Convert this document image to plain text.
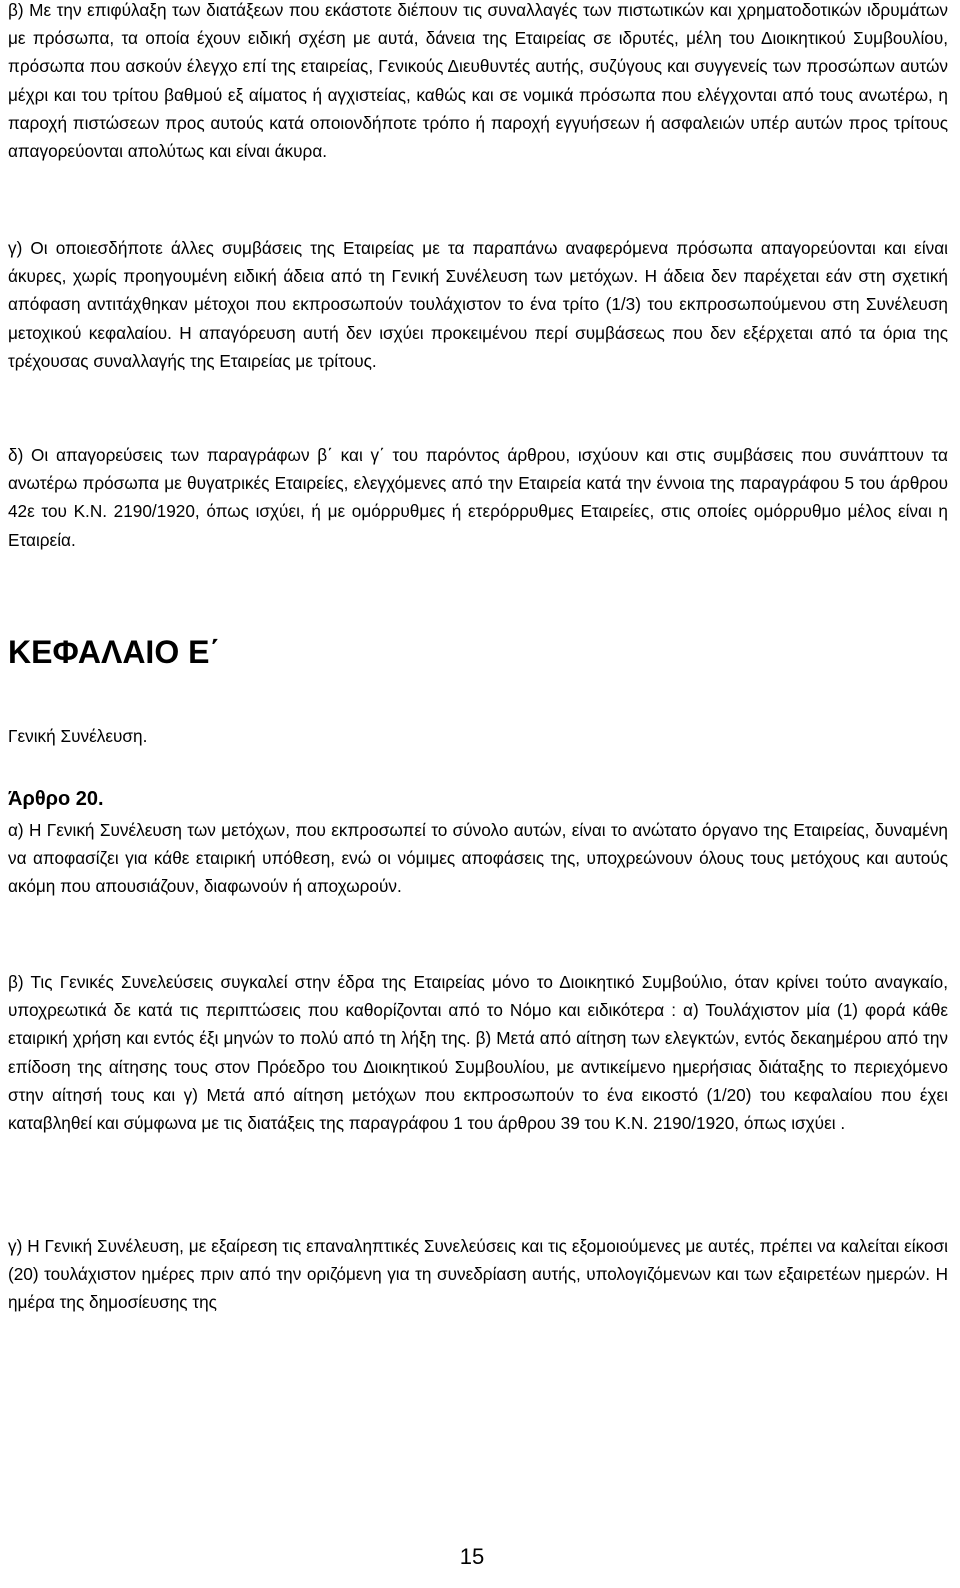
β) Με την επιφύλαξη των διατάξεων που εκάστοτε διέπουν τις συναλλαγές των πιστωτικών και χρηματοδοτικών ιδρυμάτων με πρόσωπα, τα οποία έχουν ειδική σχέση με αυτά, δάνεια της Εταιρείας σε ιδρυτές, μέλη του Διοικητικού Συμβουλίου, πρόσωπα που ασκούν έλεγχο επί της εταιρείας, Γενικούς Διευθυντές αυτής, συζύγους και συγγενείς των προσώπων αυτών μέχρι και του τρίτου βαθμού εξ αίματος ή αγχιστείας, καθώς και σε νομικά πρόσωπα που ελέγχονται από τους ανωτέρω, η παροχή πιστώσεων προς αυτούς κατά οποιονδήποτε τρόπο ή παροχή εγγυήσεων ή ασφαλειών υπέρ αυτών προς τρίτους απαγορεύονται απολύτως και είναι άκυρα.

γ) Οι οποιεσδήποτε άλλες συμβάσεις της Εταιρείας με τα παραπάνω αναφερόμενα πρόσωπα απαγορεύονται και είναι άκυρες, χωρίς προηγουμένη ειδική άδεια από τη Γενική Συνέλευση των μετόχων. Η άδεια δεν παρέχεται εάν στη σχετική απόφαση αντιτάχθηκαν μέτοχοι που εκπροσωπούν τουλάχιστον το ένα τρίτο (1/3) του εκπροσωπούμενου στη Συνέλευση μετοχικού κεφαλαίου. Η απαγόρευση αυτή δεν ισχύει προκειμένου περί συμβάσεως που δεν εξέρχεται από τα όρια της τρέχουσας συναλλαγής της Εταιρείας με τρίτους.

δ) Οι απαγορεύσεις των παραγράφων β΄ και γ΄ του παρόντος άρθρου, ισχύουν και στις συμβάσεις που συνάπτουν τα ανωτέρω πρόσωπα με θυγατρικές Εταιρείες, ελεγχόμενες από την Εταιρεία κατά την έννοια της παραγράφου 5 του άρθρου 42ε του Κ.Ν. 2190/1920, όπως ισχύει, ή με ομόρρυθμες ή ετερόρρυθμες Εταιρείες, στις οποίες ομόρρυθμο μέλος είναι η Εταιρεία.

ΚΕΦΑΛΑΙΟ Ε΄

Γενική Συνέλευση.

Άρθρο 20.

α) Η Γενική Συνέλευση των μετόχων, που εκπροσωπεί το σύνολο αυτών, είναι το ανώτατο όργανο της Εταιρείας, δυναμένη να αποφασίζει για κάθε εταιρική υπόθεση, ενώ οι νόμιμες αποφάσεις της, υποχρεώνουν όλους τους μετόχους και αυτούς ακόμη που απουσιάζουν, διαφωνούν ή αποχωρούν.

β) Τις Γενικές Συνελεύσεις συγκαλεί στην έδρα της Εταιρείας μόνο το Διοικητικό Συμβούλιο, όταν κρίνει τούτο αναγκαίο, υποχρεωτικά δε κατά τις περιπτώσεις που καθορίζονται από το Νόμο και ειδικότερα : α) Τουλάχιστον μία (1) φορά κάθε εταιρική χρήση και εντός έξι μηνών το πολύ από τη λήξη της. β) Μετά από αίτηση των ελεγκτών, εντός δεκαημέρου από την επίδοση της αίτησης τους στον Πρόεδρο του Διοικητικού Συμβουλίου, με αντικείμενο ημερήσιας διάταξης το περιεχόμενο στην αίτησή τους και γ) Μετά από αίτηση μετόχων που εκπροσωπούν το ένα εικοστό (1/20) του κεφαλαίου που έχει καταβληθεί και σύμφωνα με τις διατάξεις της παραγράφου 1 του άρθρου 39 του Κ.Ν. 2190/1920, όπως ισχύει .

γ) Η Γενική Συνέλευση, με εξαίρεση τις επαναληπτικές Συνελεύσεις και τις εξομοιούμενες με αυτές, πρέπει να καλείται είκοσι (20) τουλάχιστον ημέρες πριν από την οριζόμενη για τη συνεδρίαση αυτής, υπολογιζόμενων και των εξαιρετέων ημερών. Η ημέρα της δημοσίευσης της

15
